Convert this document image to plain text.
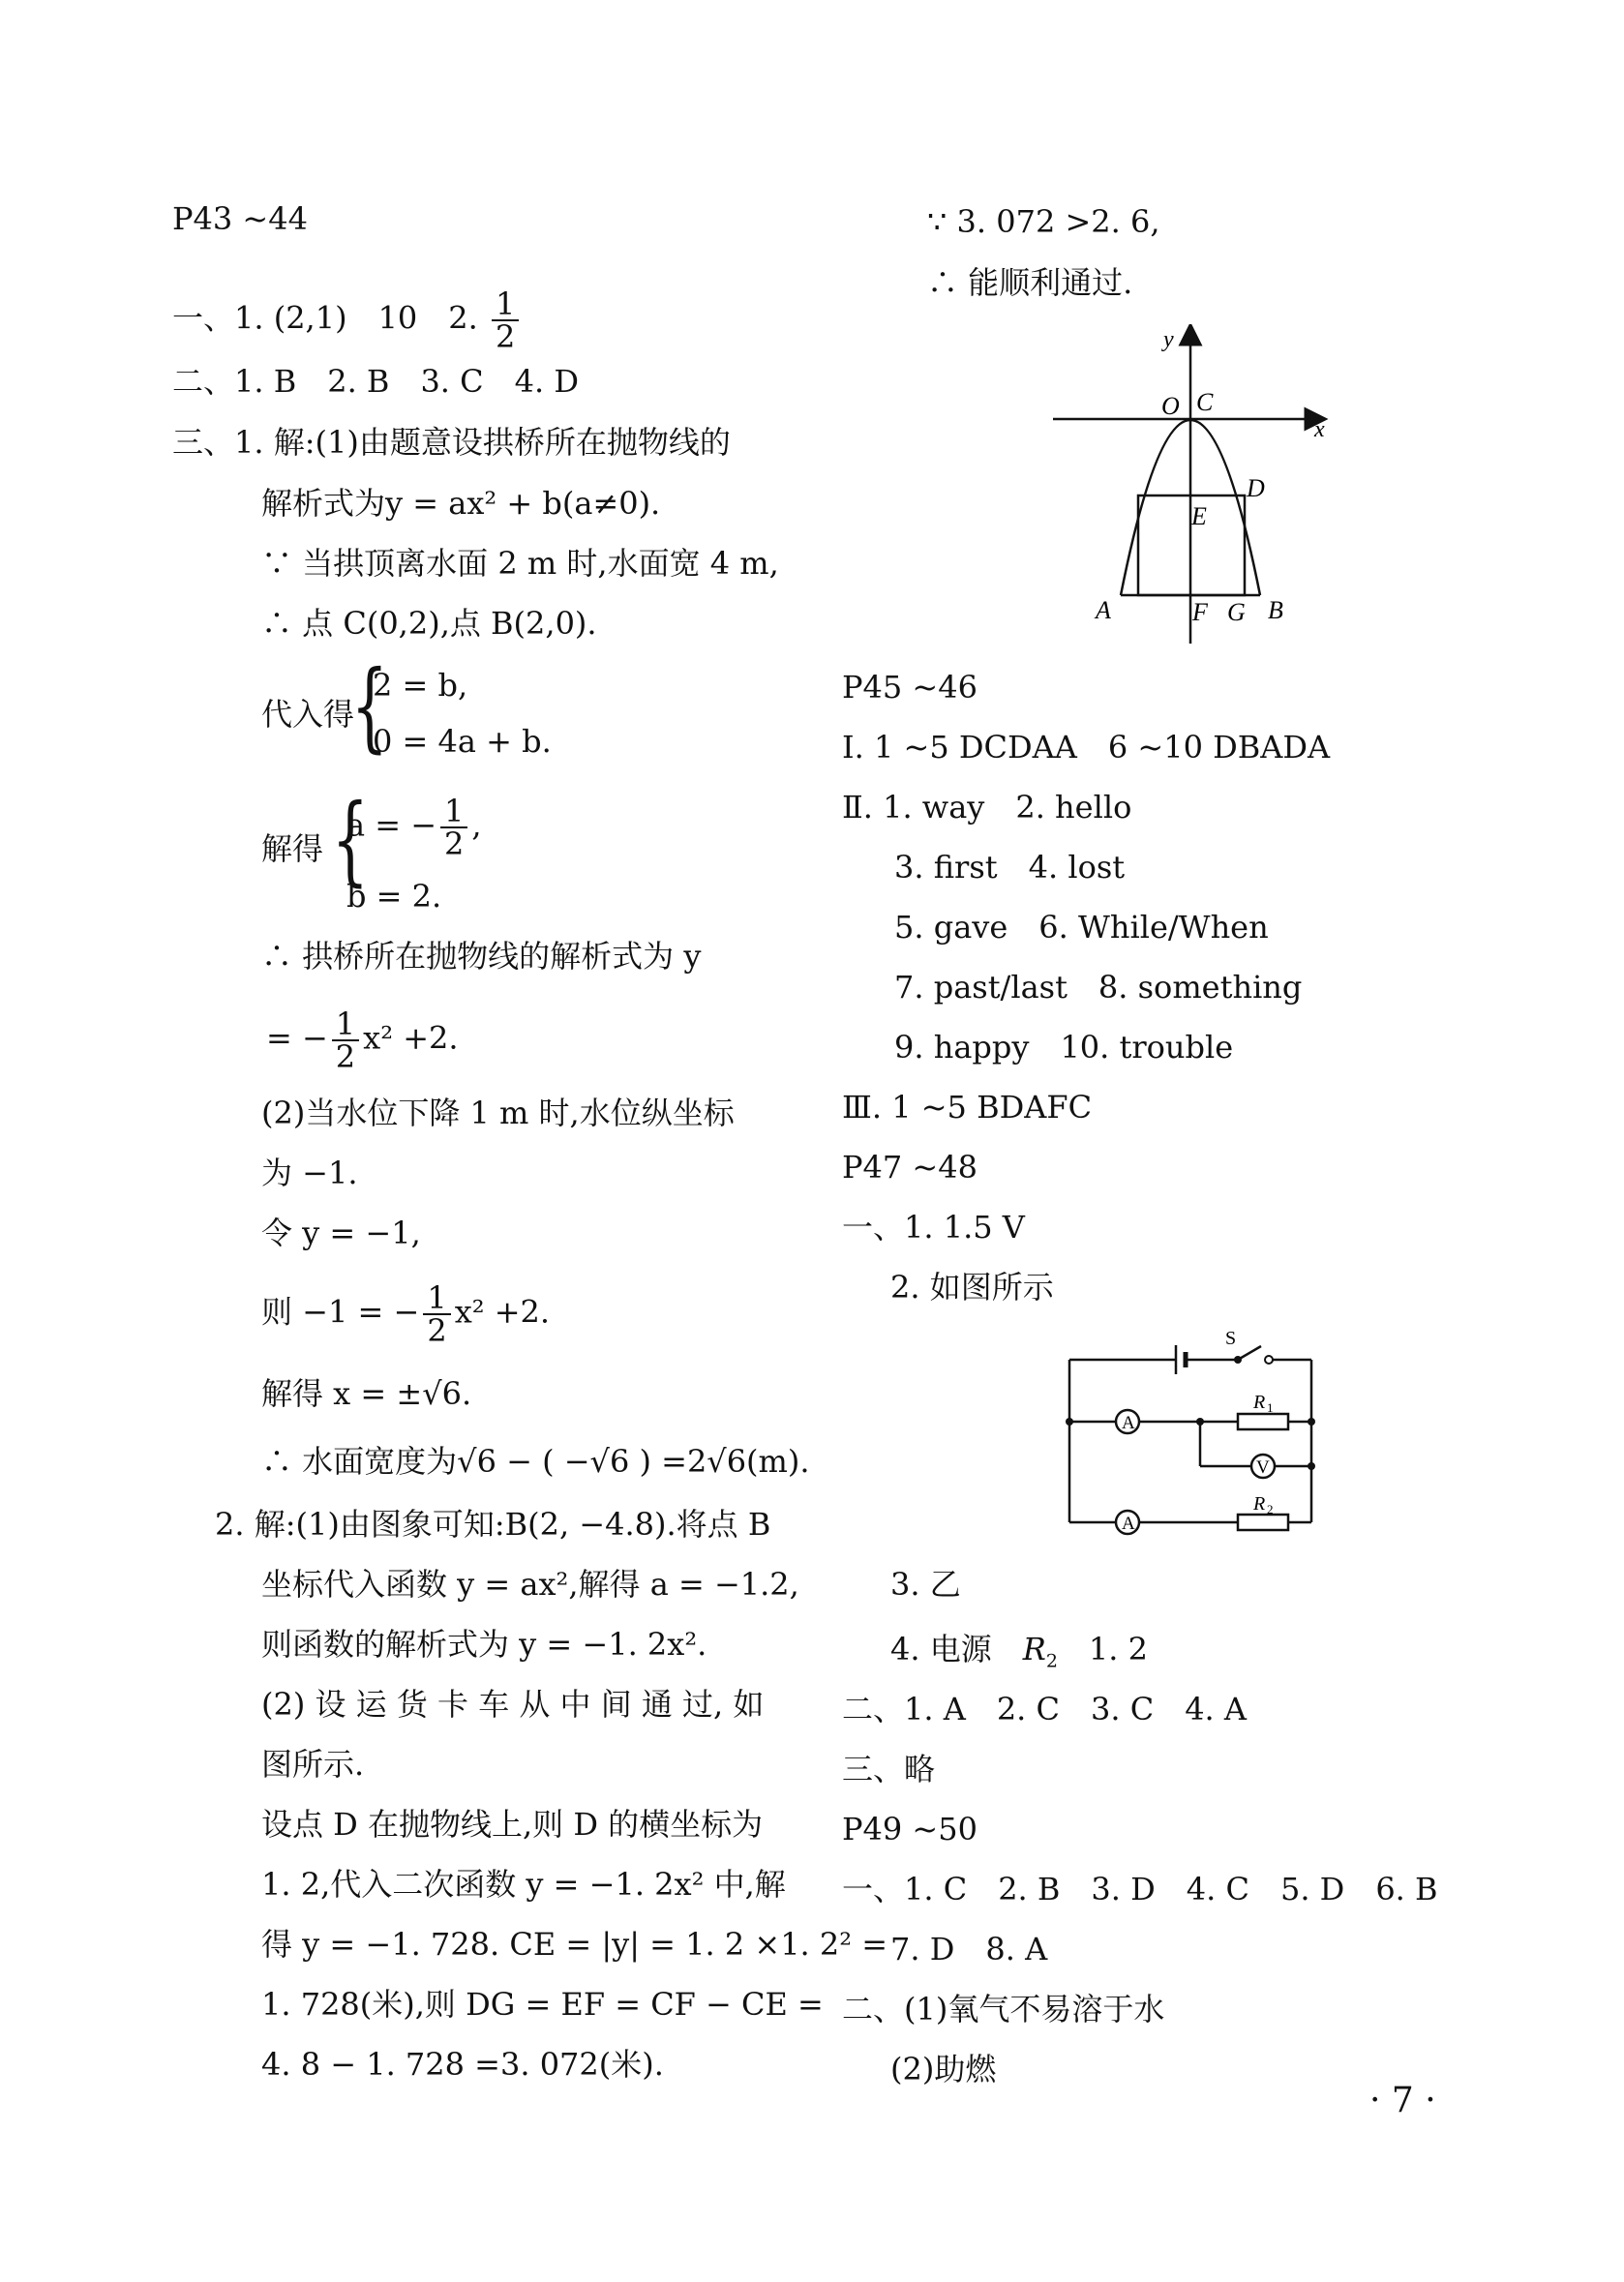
P43 ~44
一、1. (2,1)　10　2. $\frac{1}{2}$
二、1. B　2. B　3. C　4. D
三、1. 解:(1)由题意设拱桥所在抛物线的
解析式为y = ax² + b(a≠0).
∵ 当拱顶离水面 2 m 时,水面宽 4 m,
∴ 点 C(0,2),点 B(2,0).
代入得
{
2 = b,
0 = 4a + b.
解得 {
a = − $\frac{1}{2}$ ,
b = 2.
∴ 拱桥所在抛物线的解析式为 y
= − $\frac{1}{2} x^2 +2$.
(2)当水位下降 1 m 时,水位纵坐标
为 −1.
令 y = −1,
则 −1 = − $\frac{1}{2} x^2 +2$.
解得 x = ±√6.
∴ 水面宽度为√6 − ( −√6 ) =2√6(m).
2. 解:(1)由图象可知:B(2, −4.8).将点 B
坐标代入函数 y = ax²,解得 a = −1.2,
则函数的解析式为 y = −1. 2x².
(2) 设 运 货 卡 车 从 中 间 通 过, 如
图所示.
设点 D 在抛物线上,则 D 的横坐标为
1. 2,代入二次函数 y = −1. 2x² 中,解
得 y = −1. 728. CE = |y| = 1. 2 ×1. 2² =
1. 728(米),则 DG = EF = CF − CE =
4. 8 − 1. 728 =3. 072(米).
∵ 3. 072 >2. 6,
∴ 能顺利通过.
y
x
O C
D
E
A	F G B
P45 ~46
Ⅰ. 1 ~5 DCDAA　6 ~10 DBADA
Ⅱ. 1. way　2. hello
3. first　4. lost
5. gave　6. While/When
7. past/last　8. something
9. happy　10. trouble
Ⅲ. 1 ~5 BDAFC
P47 ~48
一、1. 1.5 V
2. 如图所示
S
A
V
A
R 1
R 2
3. 乙
4. 电源　$R_2$　1. 2
二、1. A　2. C　3. C　4. A
三、略
P49 ~50
一、1. C　2. B　3. D　4. C　5. D　6. B
7. D　8. A
二、(1)氧气不易溶于水
(2)助燃
· 7 ·
